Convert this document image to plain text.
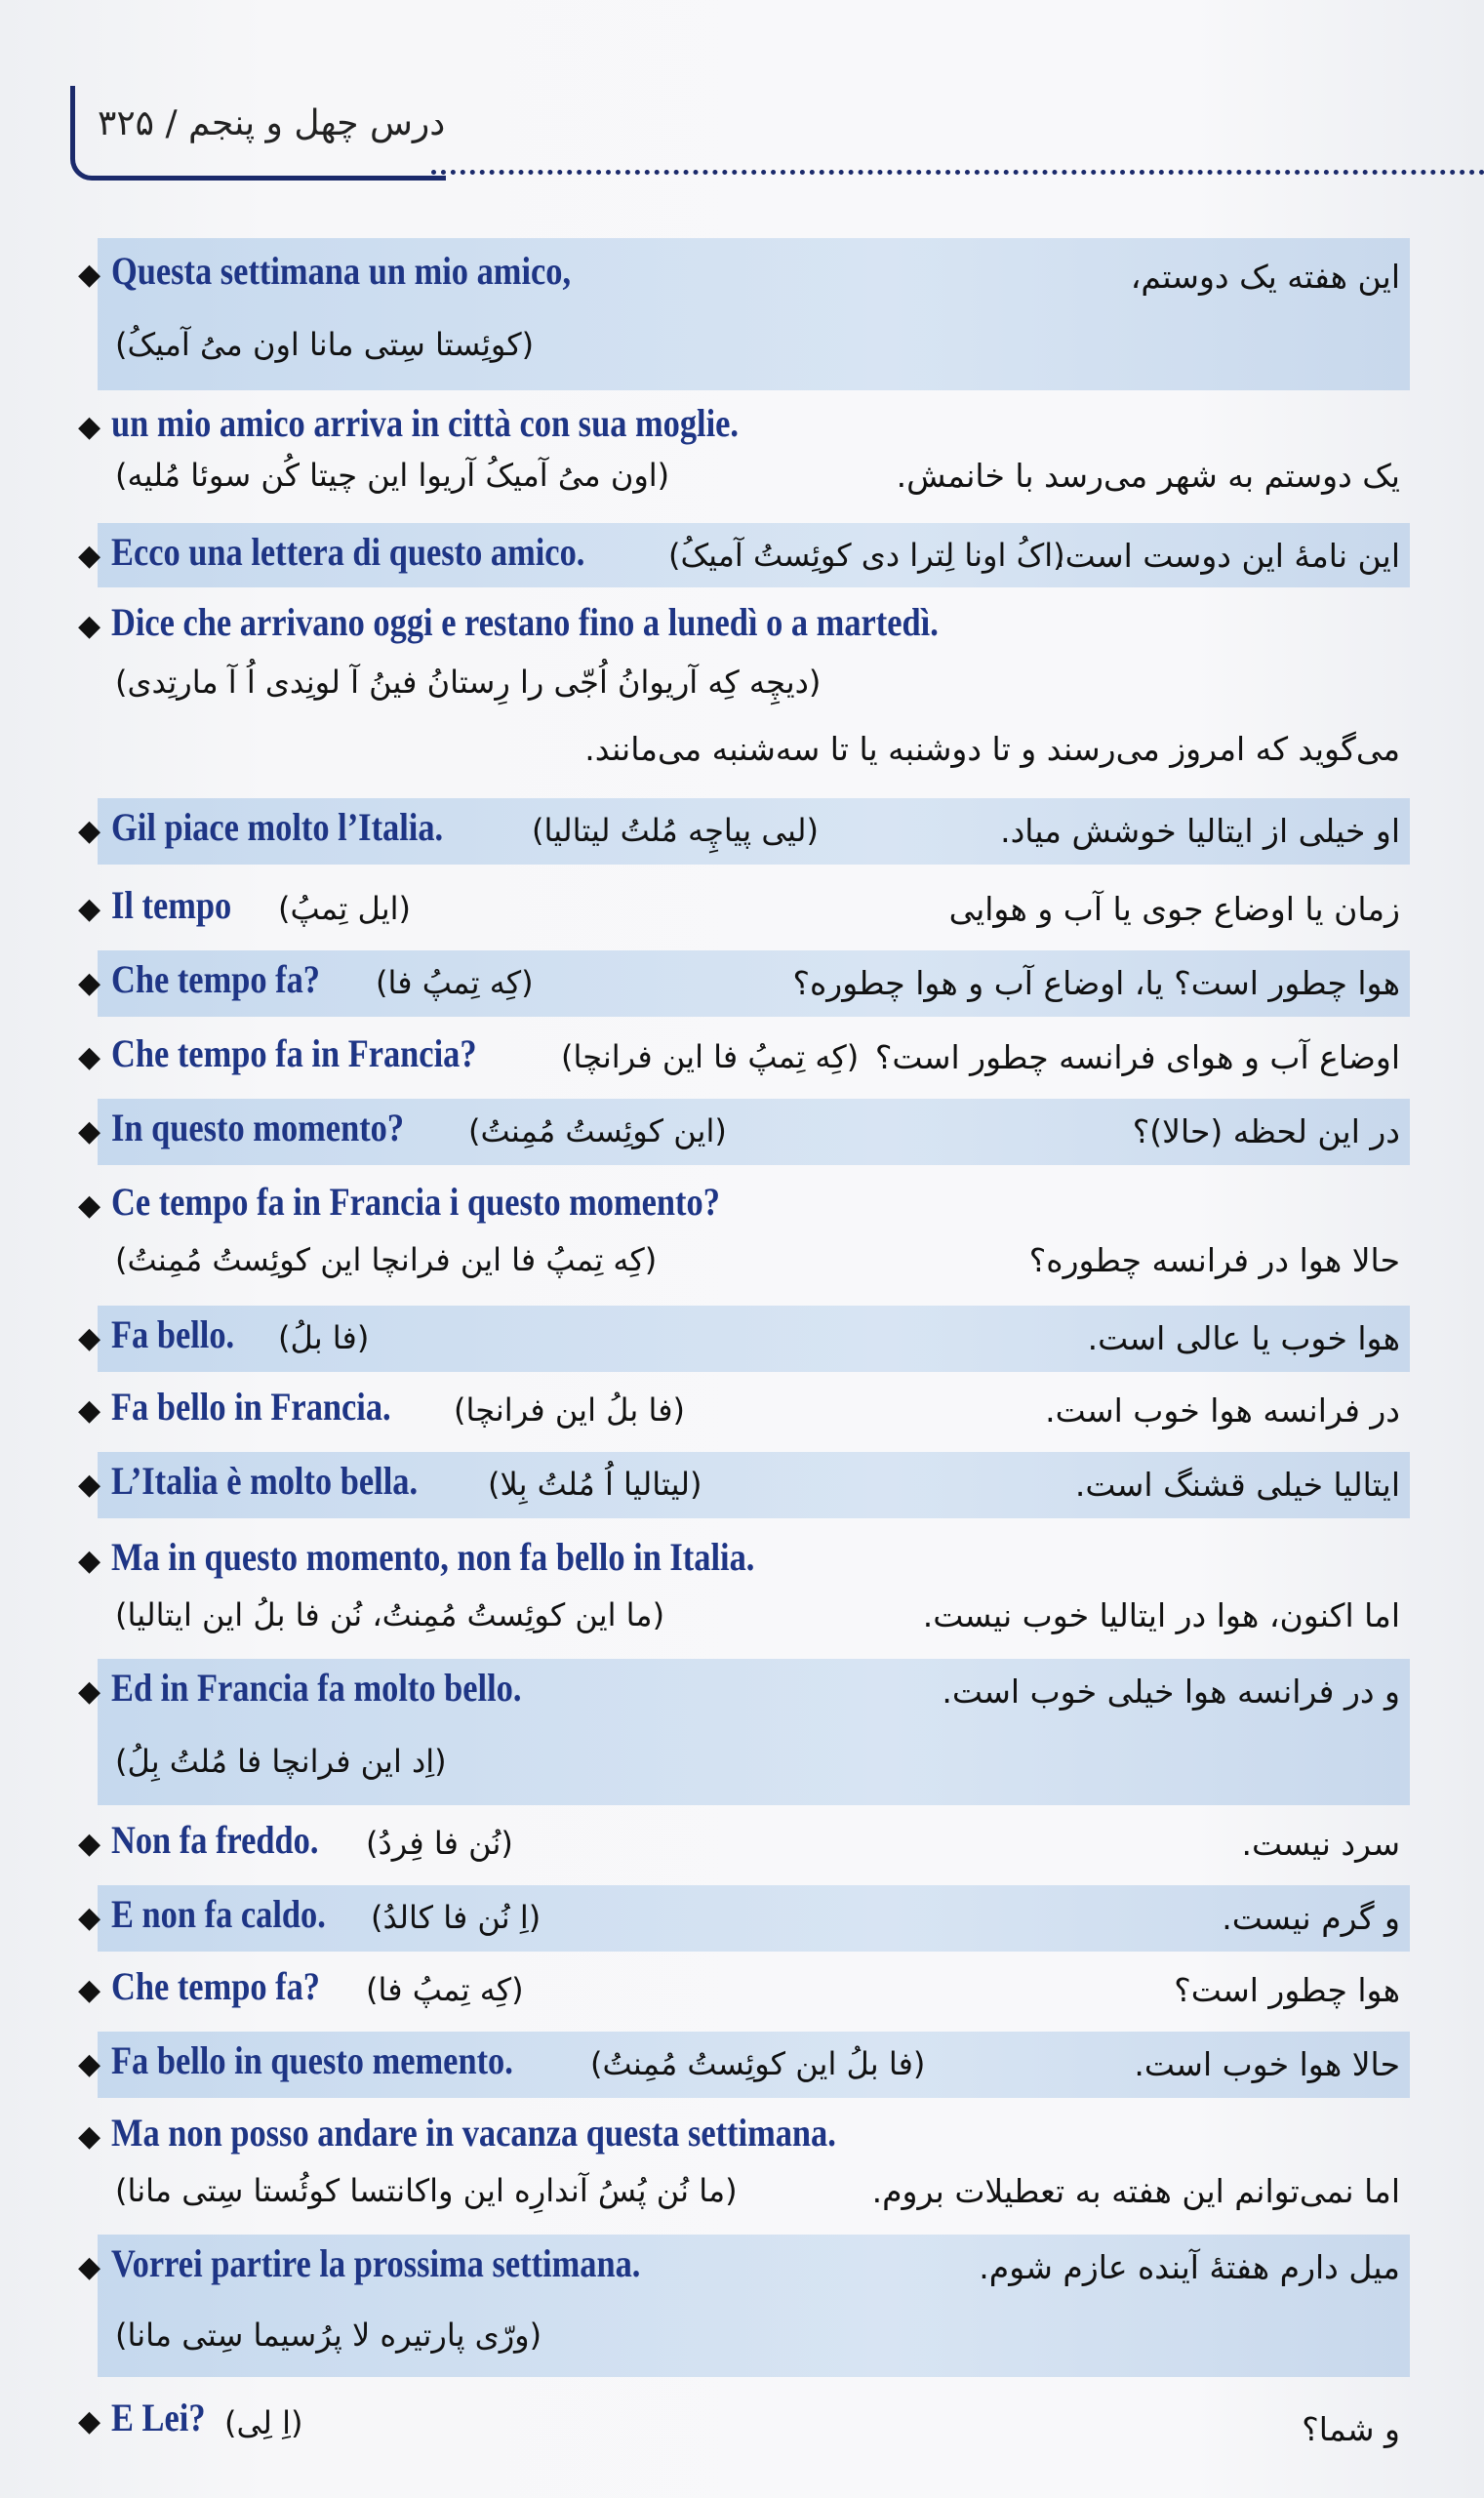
درس چهل و پنجم / ۳۲۵
◆ Questa settimana un mio amico,	این هفته یک دوستم،
(کوئِستا سِتی مانا اون میُ آمیکُ)
◆ un mio amico arriva in città con sua moglie.
(اون میُ آمیکُ آریوا این چیتا کُن سوئا مُلیه)	یک دوستم به شهر می‌رسد با خانمش.
◆ Ecco una lettera di questo amico.	(اکُ اونا لِترا دی کوئِستُ آمیکُ)
این نامهٔ این دوست است.
◆ Dice che arrivano oggi e restano fino a lunedì o a martedì.
(دیچِه کِه آریوانُ اُجّی را رِستانُ فینُ آ لونِدی اُ آ مارتِدی)
می‌گوید که امروز می‌رسند و تا دوشنبه یا تا سه‌شنبه می‌مانند.
◆ Gil piace molto l’Italia.	(لیی پیاچِه مُلتُ لیتالیا)	او خیلی از ایتالیا خوشش میاد.
◆ Il tempo (ایل تِمپُ)	زمان یا اوضاع جوی یا آب و هوایی
◆ Che tempo fa? (کِه تِمپُ فا)	هوا چطور است؟ یا، اوضاع آب و هوا چطوره؟
◆ Che tempo fa in Francia?	(کِه تِمپُ فا این فرانچا) اوضاع آب و هوای فرانسه چطور است؟
◆ In questo momento? (این کوئِستُ مُمِنتُ)	در این لحظه (حالا)؟
◆ Ce tempo fa in Francia i questo momento?
(کِه تِمپُ فا این فرانچا این کوئِستُ مُمِنتُ)	حالا هوا در فرانسه چطوره؟
◆ Fa bello. (فا بلُ)	هوا خوب یا عالی است.
◆ Fa bello in Francia. (فا بلُ این فرانچا)	در فرانسه هوا خوب است.
◆ L’Italia è molto bella. (لیتالیا اُ مُلتُ بِلا)	ایتالیا خیلی قشنگ است.
◆ Ma in questo momento, non fa bello in Italia.
(ما این کوئِستُ مُمِنتُ، نُن فا بلُ این ایتالیا)	اما اکنون، هوا در ایتالیا خوب نیست.
◆ Ed in Francia fa molto bello.	و در فرانسه هوا خیلی خوب است.
(اِد این فرانچا فا مُلتُ بِلُ)
◆ Non fa freddo. (نُن فا فِردُ)	سرد نیست.
◆ E non fa caldo. (اِ نُن فا کالدُ)	و گرم نیست.
◆ Che tempo fa? (کِه تِمپُ فا)	هوا چطور است؟
◆ Fa bello in questo memento. (فا بلُ این کوئِستُ مُمِنتُ)	حالا هوا خوب است.
◆ Ma non posso andare in vacanza questa settimana.
(ما نُن پُسُ آندارِه این واکانتسا کوئُستا سِتی مانا)	اما نمی‌توانم این هفته به تعطیلات بروم.
◆ Vorrei partire la prossima settimana.	میل دارم هفتهٔ آینده عازم شوم.
(ورّی پارتیره لا پرُسیما سِتی مانا)
◆ E Lei? (اِ لِی)	و شما؟
